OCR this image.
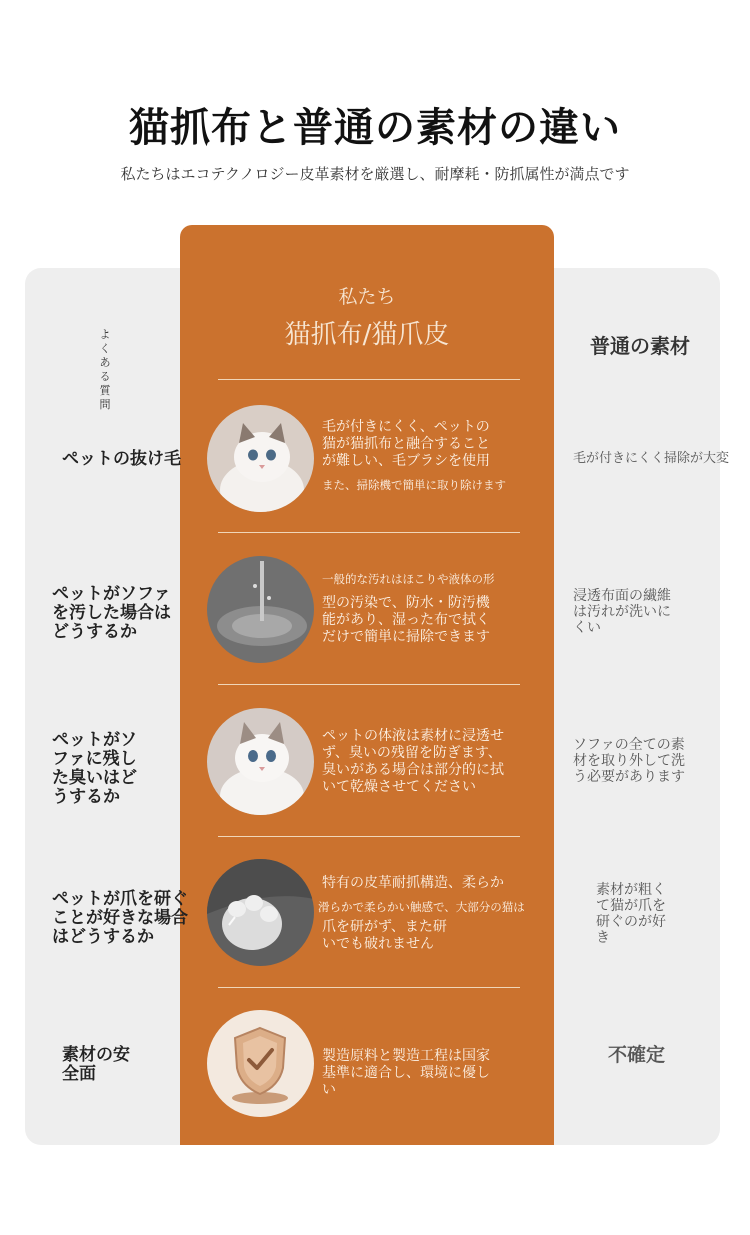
猫抓布と普通の素材の違い
私たちはエコテクノロジー皮革素材を厳選し、耐摩耗・防抓属性が満点です
よくある質問
普通の素材
私たち
猫抓布/猫爪皮
ペットの抜け毛
毛が付きにくく、ペットの
猫が猫抓布と融合すること
が難しい、毛ブラシを使用
また、掃除機で簡単に取り除けます
毛が付きにくく掃除が大変
ペットがソファを汚した場合はどうするか
一般的な汚れはほこりや液体の形
型の汚染で、防水・防汚機
能があり、湿った布で拭く
だけで簡単に掃除できます
浸透布面の繊維は汚れが洗いにくい
ペットがソファに残した臭いはどうするか
ペットの体液は素材に浸透せ
ず、臭いの残留を防ぎます、
臭いがある場合は部分的に拭
いて乾燥させてください
ソファの全ての素材を取り外して洗う必要があります
ペットが爪を研ぐことが好きな場合はどうするか
特有の皮革耐抓構造、柔らか
滑らかで柔らかい触感で、大部分の猫は
爪を研がず、また研
いでも破れません
素材が粗くて猫が爪を研ぐのが好き
素材の安全面
製造原料と製造工程は国家
基準に適合し、環境に優し
い
不確定
